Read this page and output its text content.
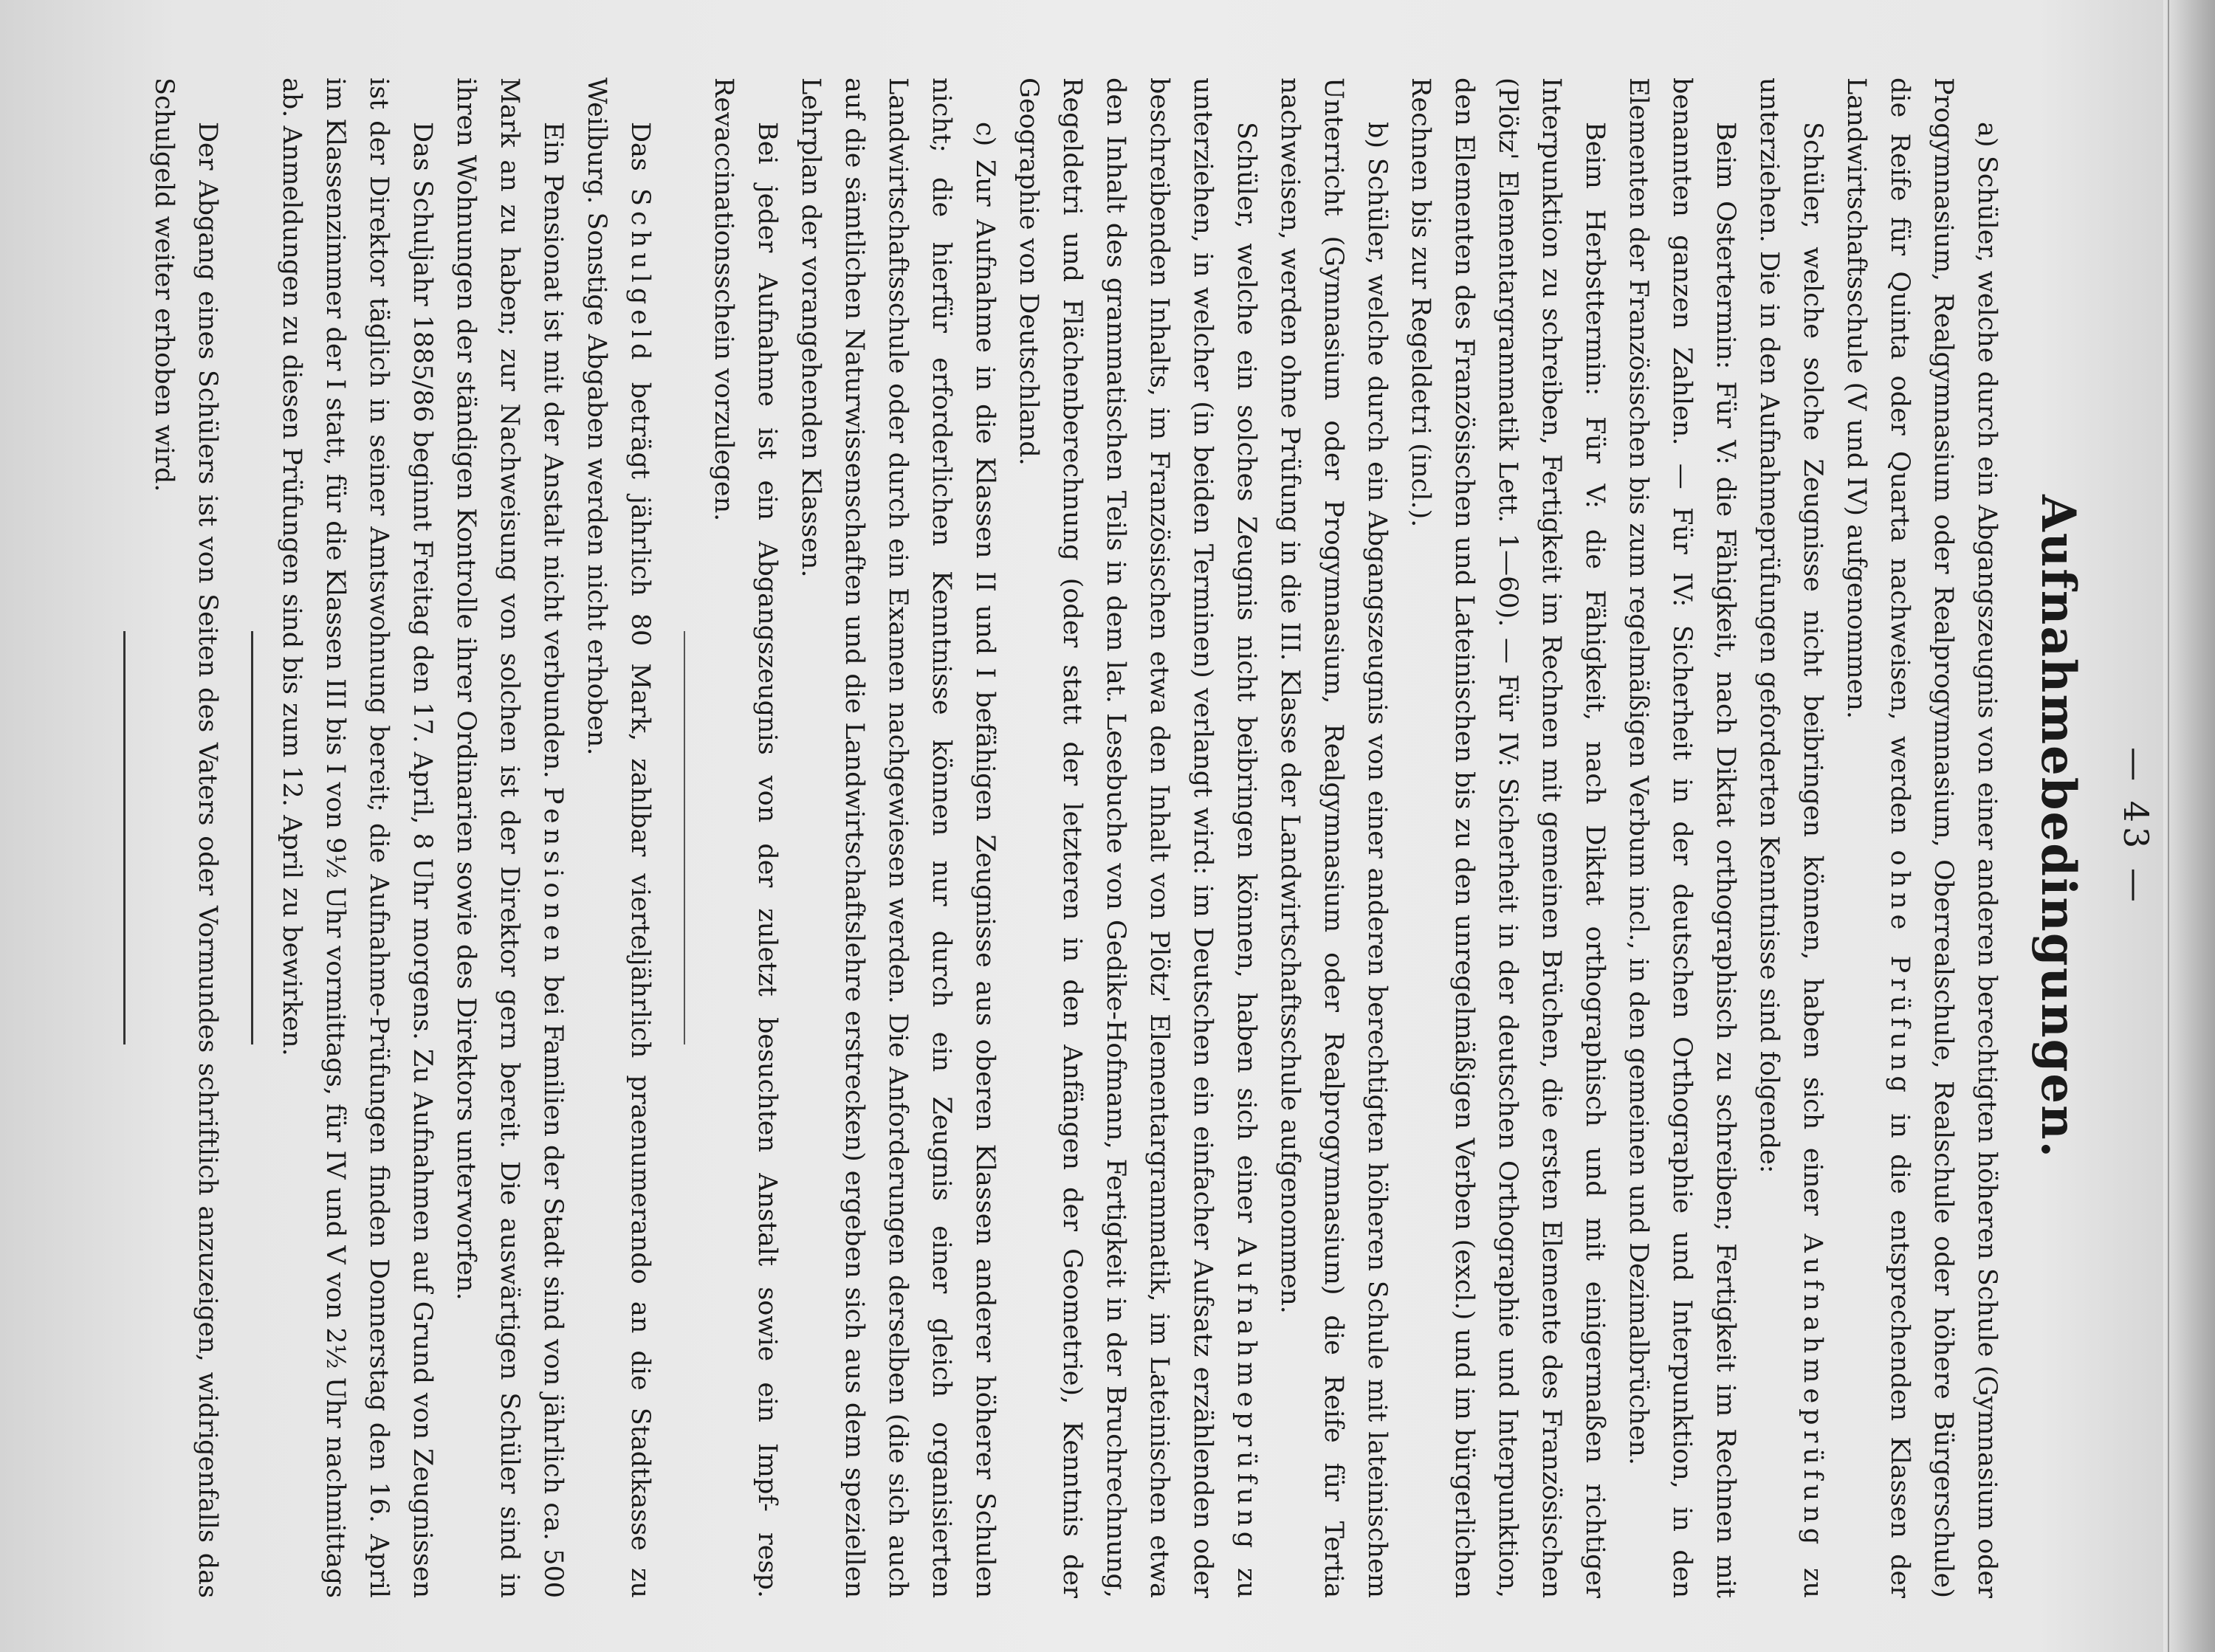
— 43 —
Aufnahmebedingungen.

a) Schüler, welche durch ein Abgangszeugnis von einer anderen berechtigten höheren Schule (Gymnasium oder Progymnasium, Realgymnasium oder Realprogymnasium, Oberrealschule, Realschule oder höhere Bürgerschule) die Reife für Quinta oder Quarta nachweisen, werden ohne Prüfung in die entsprechenden Klassen der Landwirtschaftsschule (V und IV) aufgenommen.

Schüler, welche solche Zeugnisse nicht beibringen können, haben sich einer Aufnahmeprüfung zu unterziehen. Die in den Aufnahmeprüfungen geforderten Kenntnisse sind folgende:

Beim Ostertermin: Für V: die Fähigkeit, nach Diktat orthographisch zu schreiben; Fertigkeit im Rechnen mit benannten ganzen Zahlen. — Für IV: Sicherheit in der deutschen Orthographie und Interpunktion, in den Elementen der Französischen bis zum regelmäßigen Verbum incl., in den gemeinen und Dezimalbrüchen.

Beim Herbsttermin: Für V: die Fähigkeit, nach Diktat orthographisch und mit einigermaßen richtiger Interpunktion zu schreiben, Fertigkeit im Rechnen mit gemeinen Brüchen, die ersten Elemente des Französischen (Plötz' Elementargrammatik Lett. 1—60). — Für IV: Sicherheit in der deutschen Orthographie und Interpunktion, den Elementen des Französischen und Lateinischen bis zu den unregelmäßigen Verben (excl.) und im bürgerlichen Rechnen bis zur Regeldetri (incl.).

b) Schüler, welche durch ein Abgangszeugnis von einer anderen berechtigten höheren Schule mit lateinischem Unterricht (Gymnasium oder Progymnasium, Realgymnasium oder Realprogymnasium) die Reife für Tertia nachweisen, werden ohne Prüfung in die III. Klasse der Landwirtschaftsschule aufgenommen.

Schüler, welche ein solches Zeugnis nicht beibringen können, haben sich einer Aufnahmeprüfung zu unterziehen, in welcher (in beiden Terminen) verlangt wird: im Deutschen ein einfacher Aufsatz erzählenden oder beschreibenden Inhalts, im Französischen etwa den Inhalt von Plötz' Elementargrammatik, im Lateinischen etwa den Inhalt des grammatischen Teils in dem lat. Lesebuche von Gedike-Hofmann, Fertigkeit in der Bruchrechnung, Regeldetri und Flächenberechnung (oder statt der letzteren in den Anfängen der Geometrie), Kenntnis der Geographie von Deutschland.

c) Zur Aufnahme in die Klassen II und I befähigen Zeugnisse aus oberen Klassen anderer höherer Schulen nicht; die hierfür erforderlichen Kenntnisse können nur durch ein Zeugnis einer gleich organisierten Landwirtschaftsschule oder durch ein Examen nachgewiesen werden. Die Anforderungen derselben (die sich auch auf die sämtlichen Naturwissenschaften und die Landwirtschaftslehre erstrecken) ergeben sich aus dem speziellen Lehrplan der vorangehenden Klassen.

Bei jeder Aufnahme ist ein Abgangszeugnis von der zuletzt besuchten Anstalt sowie ein Impf- resp. Revaccinationsschein vorzulegen.

Das Schulgeld beträgt jährlich 80 Mark, zahlbar vierteljährlich praenumerando an die Stadtkasse zu Weilburg. Sonstige Abgaben werden nicht erhoben.

Ein Pensionat ist mit der Anstalt nicht verbunden. Pensionen bei Familien der Stadt sind von jährlich ca. 500 Mark an zu haben; zur Nachweisung von solchen ist der Direktor gern bereit. Die auswärtigen Schüler sind in ihren Wohnungen der ständigen Kontrolle ihrer Ordinarien sowie des Direktors unterworfen.

Das Schuljahr 1885/86 beginnt Freitag den 17. April, 8 Uhr morgens. Zu Aufnahmen auf Grund von Zeugnissen ist der Direktor täglich in seiner Amtswohnung bereit; die Aufnahme-Prüfungen finden Donnerstag den 16. April im Klassenzimmer der I statt, für die Klassen III bis I von 9½ Uhr vormittags, für IV und V von 2½ Uhr nachmittags ab. Anmeldungen zu diesen Prüfungen sind bis zum 12. April zu bewirken.

Der Abgang eines Schülers ist von Seiten des Vaters oder Vormundes schriftlich anzuzeigen, widrigenfalls das Schulgeld weiter erhoben wird.
